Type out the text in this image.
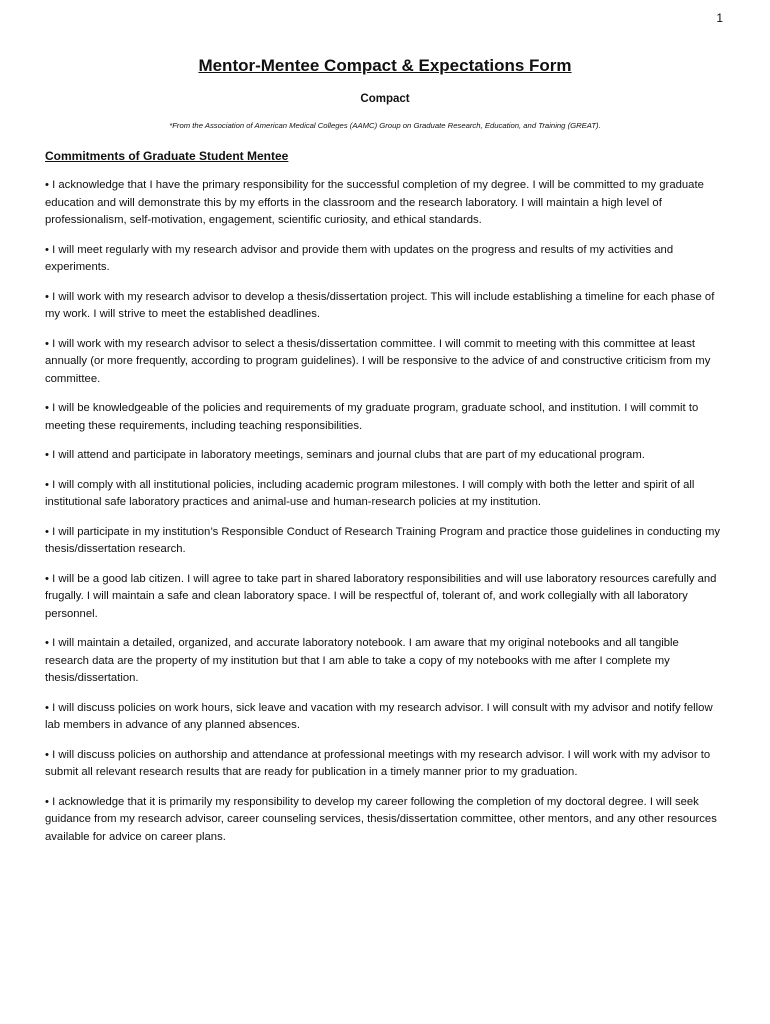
1
Mentor-Mentee Compact & Expectations Form
Compact
*From the Association of American Medical Colleges (AAMC) Group on Graduate Research, Education, and Training (GREAT).
Commitments of Graduate Student Mentee
• I acknowledge that I have the primary responsibility for the successful completion of my degree. I will be committed to my graduate education and will demonstrate this by my efforts in the classroom and the research laboratory. I will maintain a high level of professionalism, self-motivation, engagement, scientific curiosity, and ethical standards.
• I will meet regularly with my research advisor and provide them with updates on the progress and results of my activities and experiments.
• I will work with my research advisor to develop a thesis/dissertation project. This will include establishing a timeline for each phase of my work. I will strive to meet the established deadlines.
• I will work with my research advisor to select a thesis/dissertation committee. I will commit to meeting with this committee at least annually (or more frequently, according to program guidelines). I will be responsive to the advice of and constructive criticism from my committee.
• I will be knowledgeable of the policies and requirements of my graduate program, graduate school, and institution. I will commit to meeting these requirements, including teaching responsibilities.
• I will attend and participate in laboratory meetings, seminars and journal clubs that are part of my educational program.
• I will comply with all institutional policies, including academic program milestones. I will comply with both the letter and spirit of all institutional safe laboratory practices and animal-use and human-research policies at my institution.
• I will participate in my institution’s Responsible Conduct of Research Training Program and practice those guidelines in conducting my thesis/dissertation research.
• I will be a good lab citizen. I will agree to take part in shared laboratory responsibilities and will use laboratory resources carefully and frugally. I will maintain a safe and clean laboratory space. I will be respectful of, tolerant of, and work collegially with all laboratory personnel.
• I will maintain a detailed, organized, and accurate laboratory notebook. I am aware that my original notebooks and all tangible research data are the property of my institution but that I am able to take a copy of my notebooks with me after I complete my thesis/dissertation.
• I will discuss policies on work hours, sick leave and vacation with my research advisor. I will consult with my advisor and notify fellow lab members in advance of any planned absences.
• I will discuss policies on authorship and attendance at professional meetings with my research advisor. I will work with my advisor to submit all relevant research results that are ready for publication in a timely manner prior to my graduation.
• I acknowledge that it is primarily my responsibility to develop my career following the completion of my doctoral degree. I will seek guidance from my research advisor, career counseling services, thesis/dissertation committee, other mentors, and any other resources available for advice on career plans.
